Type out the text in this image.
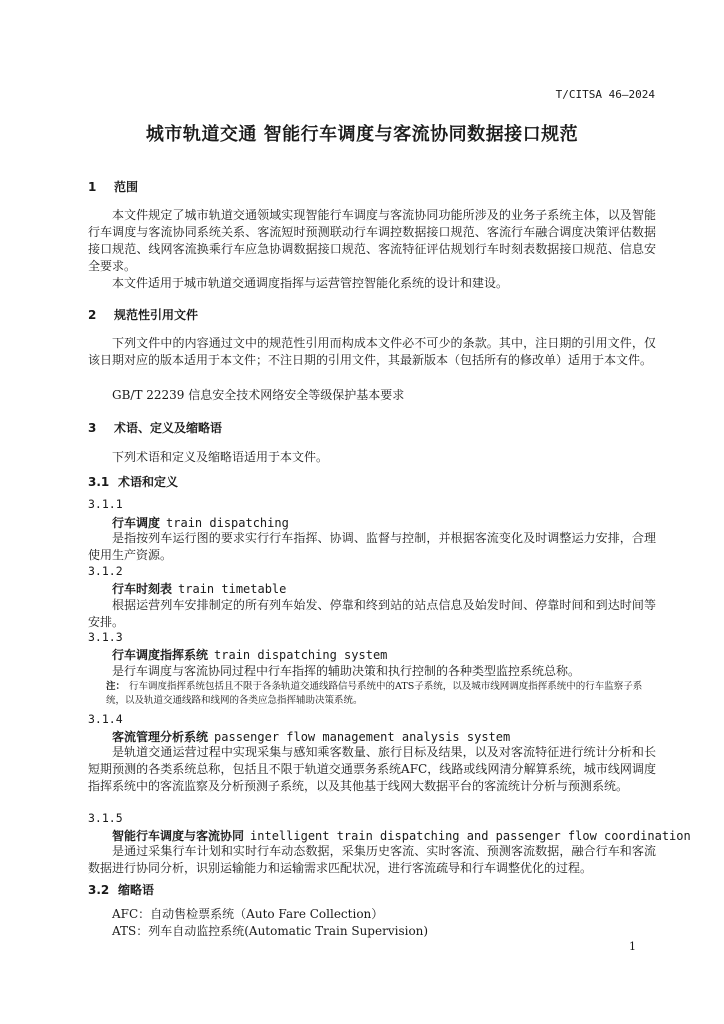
T/CITSA 46—2024
城市轨道交通 智能行车调度与客流协同数据接口规范
1 范围
本文件规定了城市轨道交通领域实现智能行车调度与客流协同功能所涉及的业务子系统主体，以及智能行车调度与客流协同系统关系、客流短时预测联动行车调控数据接口规范、客流行车融合调度决策评估数据接口规范、线网客流换乘行车应急协调数据接口规范、客流特征评估规划行车时刻表数据接口规范、信息安全要求。
本文件适用于城市轨道交通调度指挥与运营管控智能化系统的设计和建设。
2 规范性引用文件
下列文件中的内容通过文中的规范性引用而构成本文件必不可少的条款。其中，注日期的引用文件，仅该日期对应的版本适用于本文件；不注日期的引用文件，其最新版本（包括所有的修改单）适用于本文件。
GB/T 22239 信息安全技术网络安全等级保护基本要求
3 术语、定义及缩略语
下列术语和定义及缩略语适用于本文件。
3.1 术语和定义
3.1.1
行车调度 train dispatching
是指按列车运行图的要求实行行车指挥、协调、监督与控制，并根据客流变化及时调整运力安排，合理使用生产资源。
3.1.2
行车时刻表 train timetable
根据运营列车安排制定的所有列车始发、停靠和终到站的站点信息及始发时间、停靠时间和到达时间等安排。
3.1.3
行车调度指挥系统 train dispatching system
是行车调度与客流协同过程中行车指挥的辅助决策和执行控制的各种类型监控系统总称。
注： 行车调度指挥系统包括且不限于各条轨道交通线路信号系统中的ATS子系统，以及城市线网调度指挥系统中的行车监察子系统，以及轨道交通线路和线网的各类应急指挥辅助决策系统。
3.1.4
客流管理分析系统 passenger flow management analysis system
是轨道交通运营过程中实现采集与感知乘客数量、旅行目标及结果，以及对客流特征进行统计分析和长短期预测的各类系统总称，包括且不限于轨道交通票务系统AFC，线路或线网清分解算系统，城市线网调度指挥系统中的客流监察及分析预测子系统，以及其他基于线网大数据平台的客流统计分析与预测系统。
3.1.5
智能行车调度与客流协同 intelligent train dispatching and passenger flow coordination
是通过采集行车计划和实时行车动态数据，采集历史客流、实时客流、预测客流数据，融合行车和客流数据进行协同分析，识别运输能力和运输需求匹配状况，进行客流疏导和行车调整优化的过程。
3.2 缩略语
AFC：自动售检票系统（Auto Fare Collection）
ATS：列车自动监控系统(Automatic Train Supervision)
1
